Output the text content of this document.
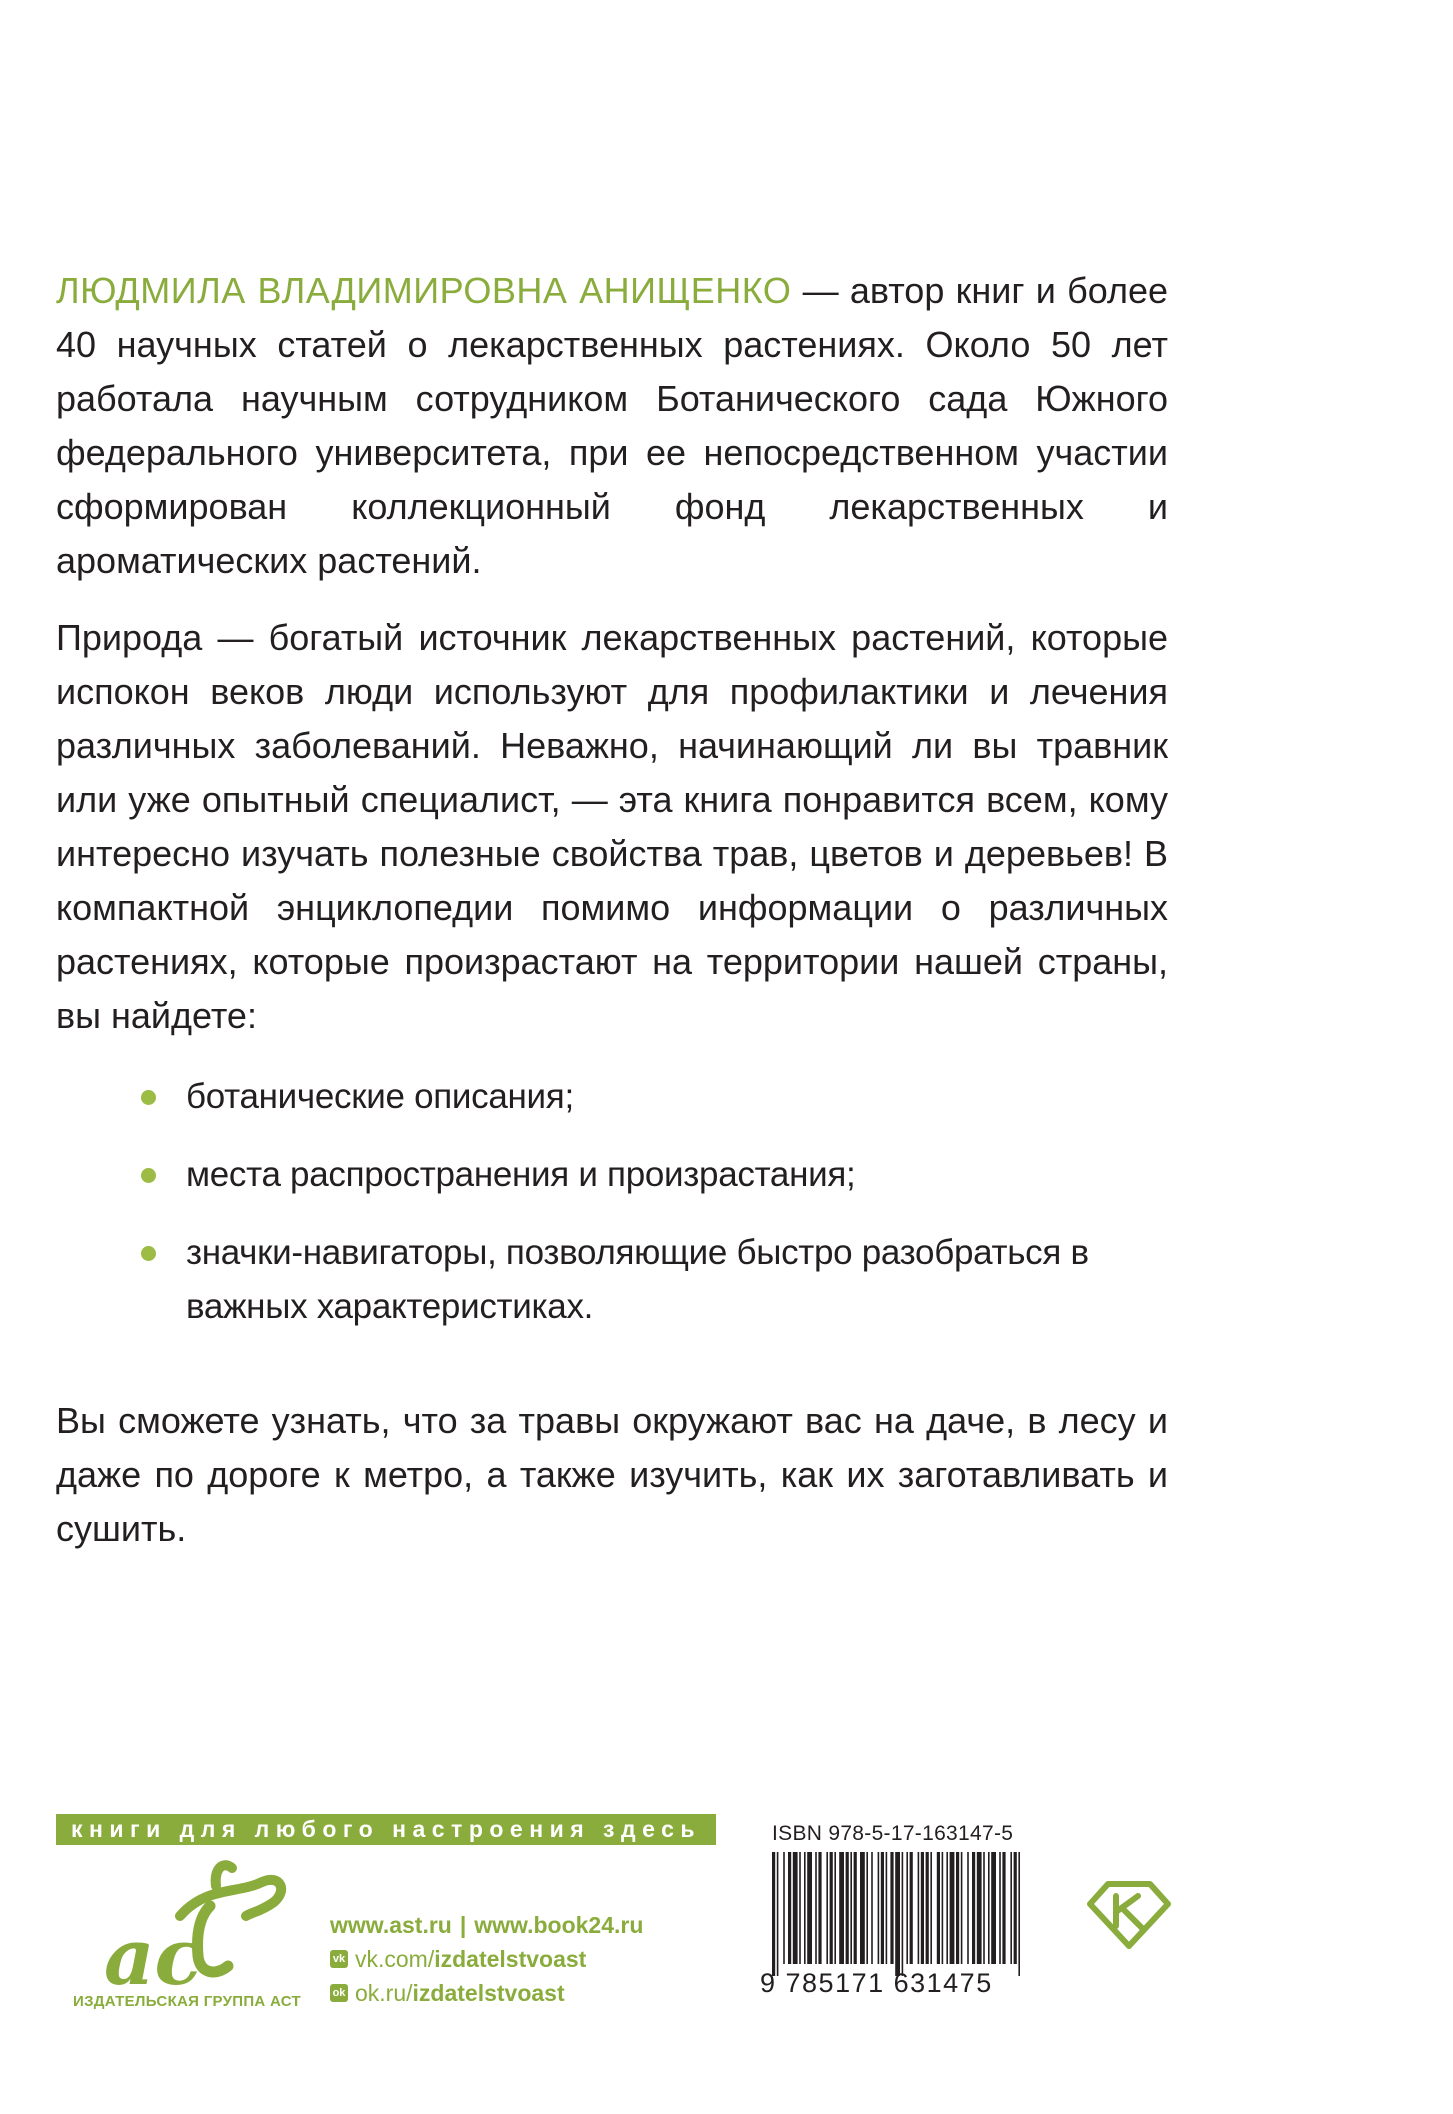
ЛЮДМИЛА ВЛАДИМИРОВНА АНИЩЕНКО — автор книг и более 40 научных статей о лекарственных растениях. Около 50 лет работала научным сотрудником Ботанического сада Южного федерального университета, при ее непосредственном участии сформирован коллекционный фонд лекарственных и ароматических растений.
Природа — богатый источник лекарственных растений, которые испокон веков люди используют для профилактики и лечения различных заболеваний. Неважно, начинающий ли вы травник или уже опытный специалист, — эта книга понравится всем, кому интересно изучать полезные свойства трав, цветов и деревьев! В компактной энциклопедии помимо информации о различных растениях, которые произрастают на территории нашей страны, вы найдете:
ботанические описания;
места распространения и произрастания;
значки-навигаторы, позволяющие быстро разобраться в важных характеристиках.
Вы сможете узнать, что за травы окружают вас на даче, в лесу и даже по дороге к метро, а также изучить, как их заготавливать и сушить.
книги для любого настроения здесь
ac
ИЗДАТЕЛЬСКАЯ ГРУППА АСТ
www.ast.ru | www.book24.ru
vk vk.com/ izdatelstvoast
ok ok.ru/ izdatelstvoast
ISBN 978-5-17-163147-5
9 785171 631475
